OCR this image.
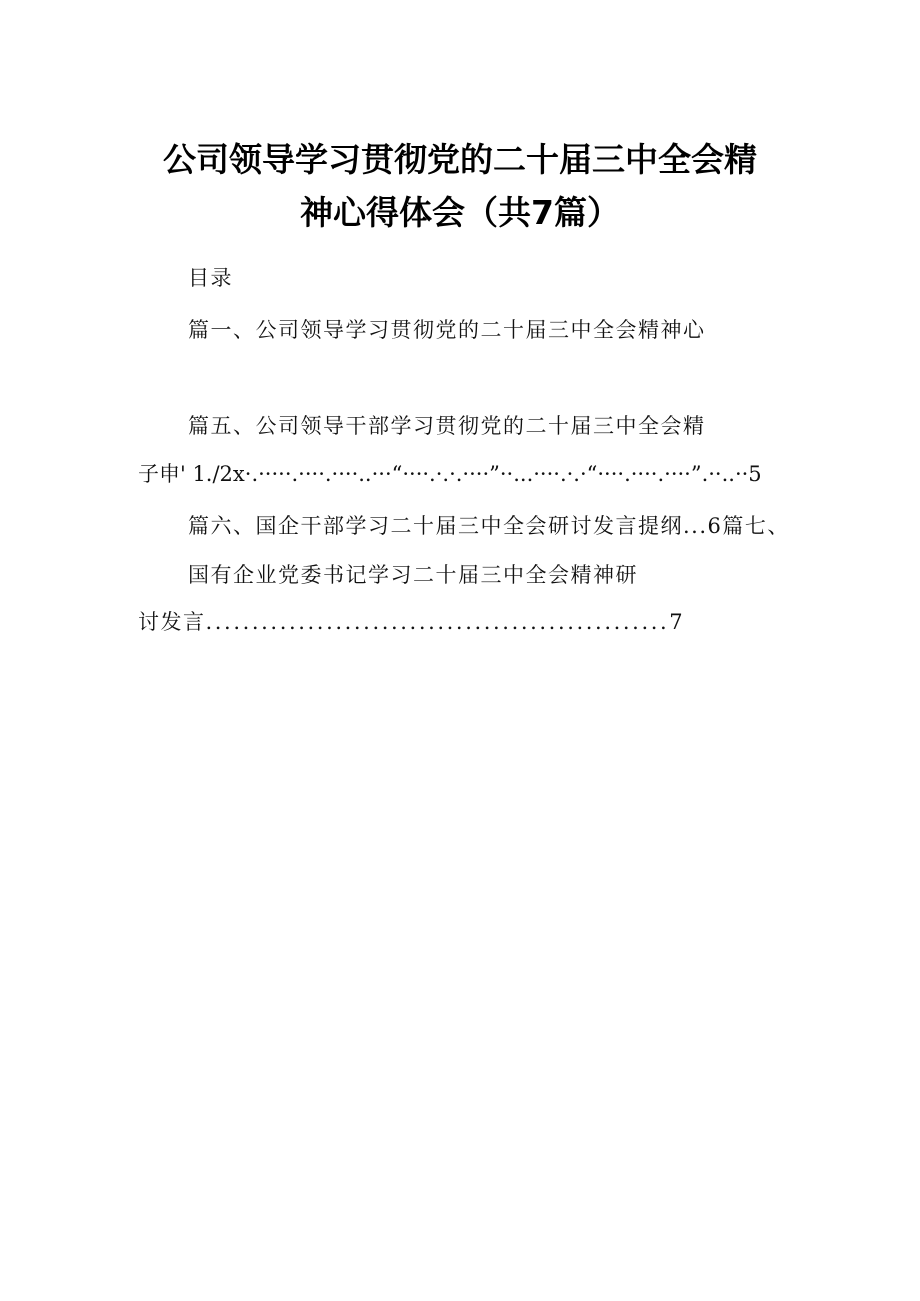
公司领导学习贯彻党的二十届三中全会精
神心得体会（共7篇）
目录
篇一、公司领导学习贯彻党的二十届三中全会精神心
篇五、公司领导干部学习贯彻党的二十届三中全会精
子申' 1./2x·.·····.····.····..···“····.·.·.····”··...····.·.·“····.····.····”.··..··5
篇六、国企干部学习二十届三中全会研讨发言提纲...6篇七、
国有企业党委书记学习二十届三中全会精神研
讨发言..................................................7
